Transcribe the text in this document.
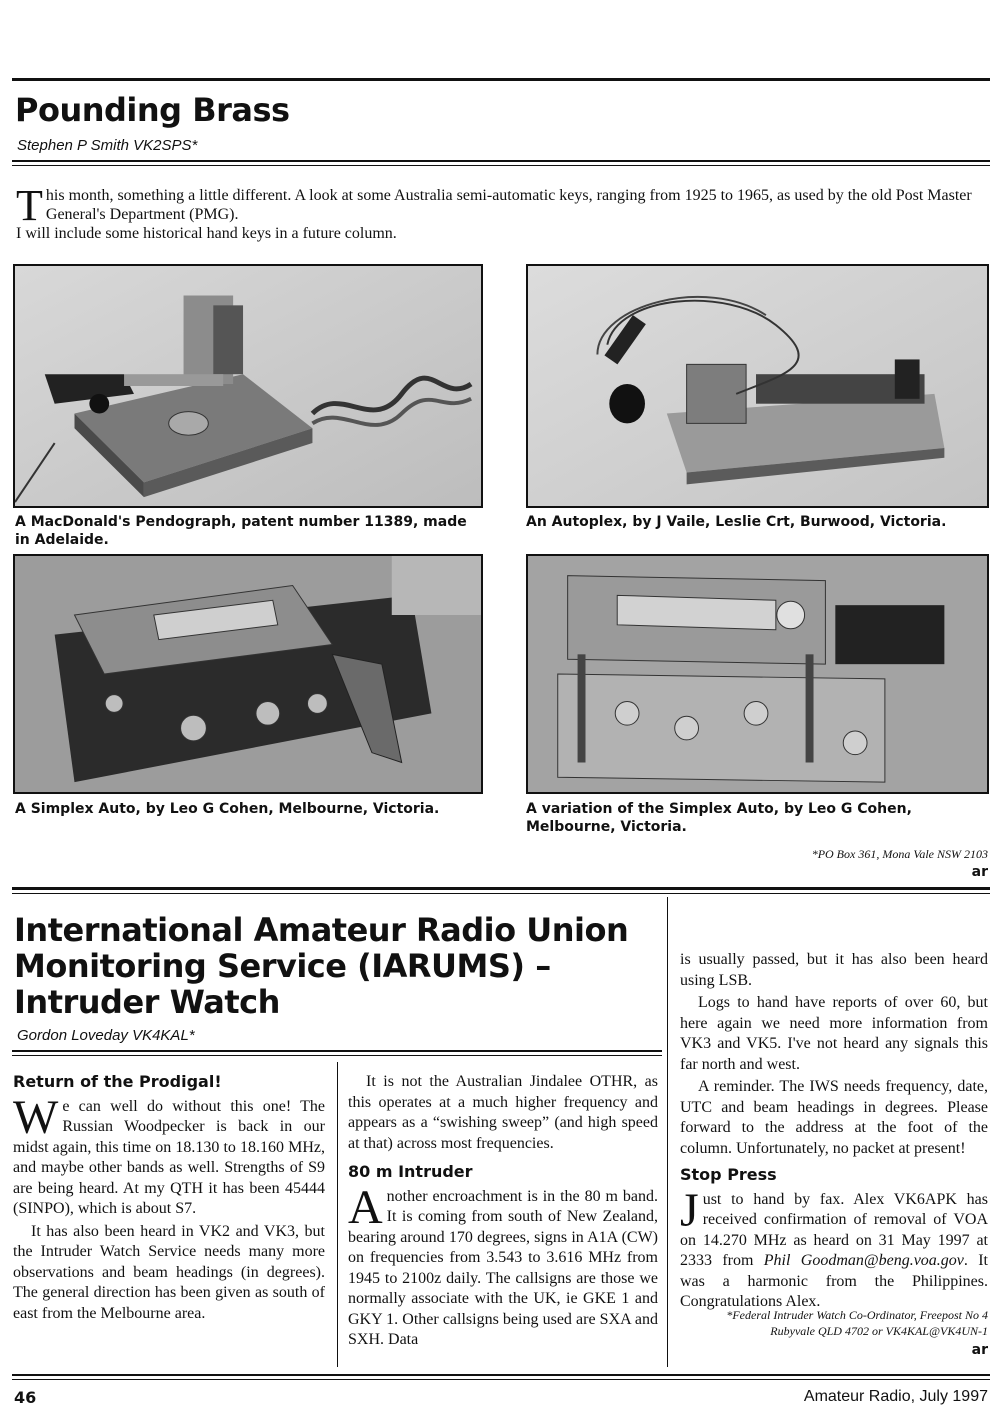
Pounding Brass
Stephen P Smith VK2SPS*
T his month, something a little different. A look at some Australia semi-automatic keys, ranging from 1925 to 1965, as used by the old Post Master General's Department (PMG).

I will include some historical hand keys in a future column.

A MacDonald's Pendograph, patent number 11389, made in Adelaide.
An Autoplex, by J Vaile, Leslie Crt, Burwood, Victoria.
A Simplex Auto, by Leo G Cohen, Melbourne, Victoria.	A variation of the Simplex Auto, by Leo G Cohen, Melbourne, Victoria.
*PO Box 361, Mona Vale NSW 2103
ar
International Amateur Radio Union
Monitoring Service (IARUMS) –
Intruder Watch
Gordon Loveday VK4KAL*
Return of the Prodigal!

We can well do without this one! The Russian Woodpecker is back in our midst again, this time on 18.130 to 18.160 MHz, and maybe other bands as well. Strengths of S9 are being heard. At my QTH it has been 45444 (SINPO), which is about S7.

It has also been heard in VK2 and VK3, but the Intruder Watch Service needs many more observations and beam headings (in degrees). The general direction has been given as south of east from the Melbourne area.

It is not the Australian Jindalee OTHR, as this operates at a much higher frequency and appears as a “swishing sweep” (and high speed at that) across most frequencies.

80 m Intruder

Another encroachment is in the 80 m band. It is coming from south of New Zealand, bearing around 170 degrees, signs in A1A (CW) on frequencies from 3.543 to 3.616 MHz from 1945 to 2100z daily. The callsigns are those we normally associate with the UK, ie GKE 1 and GKY 1. Other callsigns being used are SXA and SXH. Data

is usually passed, but it has also been heard using LSB.

Logs to hand have reports of over 60, but here again we need more information from VK3 and VK5. I've not heard any signals this far north and west.

A reminder. The IWS needs frequency, date, UTC and beam headings in degrees. Please forward to the address at the foot of the column. Unfortunately, no packet at present!

Stop Press

Just to hand by fax. Alex VK6APK has received confirmation of removal of VOA on 14.270 MHz as heard on 31 May 1997 at 2333 from Phil Goodman@beng.voa.gov. It was a harmonic from the Philippines. Congratulations Alex.

*Federal Intruder Watch Co-Ordinator, Freepost No 4
Rubyvale QLD 4702 or VK4KAL@VK4UN-1
ar
46	Amateur Radio, July 1997
